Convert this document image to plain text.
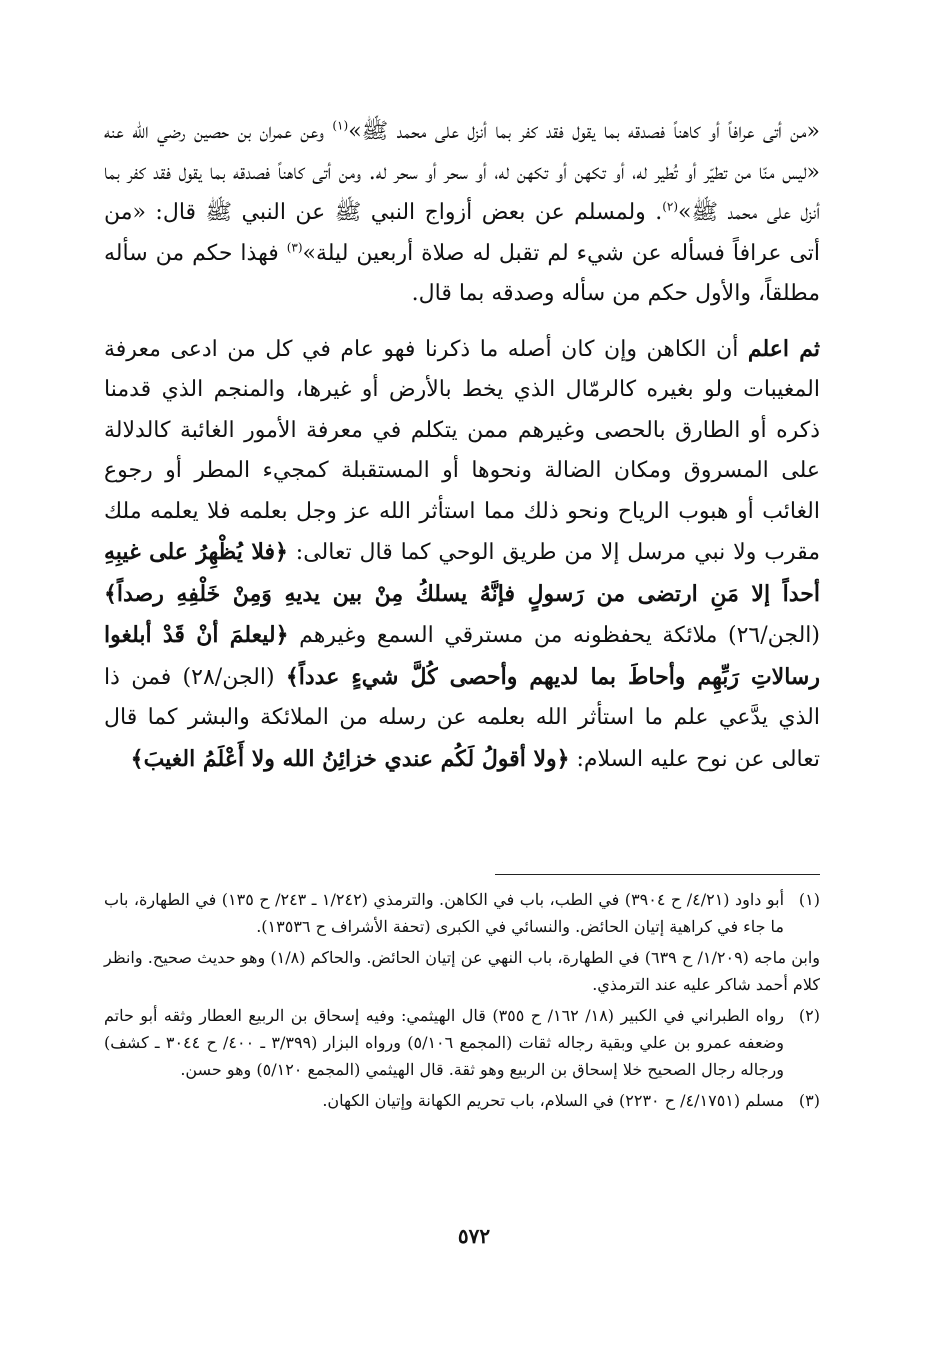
«من أتى عرافاً أو كاهناً فصدقه بما يقول فقد كفر بما أنزل على محمد ﷺ»$^{(١)}$ وعن عمران بن حصين رضي الله عنه «ليس منّا من تطيّر أو تُطير له، أو تكهن أو تكهن له، أو سحر أو سحر له. ومن أتى كاهناً فصدقه بما يقول فقد كفر بما أنزل على محمد ﷺ»$^{(٢)}$. ولمسلم عن بعض أزواج النبي ﷺ عن النبي ﷺ قال: «من أتى عرافاً فسأله عن شيء لم تقبل له صلاة أربعين ليلة»$^{(٣)}$ فهذا حكم من سأله مطلقاً، والأول حكم من سأله وصدقه بما قال.

ثم اعلم أن الكاهن وإن كان أصله ما ذكرنا فهو عام في كل من ادعى معرفة المغيبات ولو بغيره كالرمّال الذي يخط بالأرض أو غيرها، والمنجم الذي قدمنا ذكره أو الطارق بالحصى وغيرهم ممن يتكلم في معرفة الأمور الغائبة كالدلالة على المسروق ومكان الضالة ونحوها أو المستقبلة كمجيء المطر أو رجوع الغائب أو هبوب الرياح ونحو ذلك مما استأثر الله عز وجل بعلمه فلا يعلمه ملك مقرب ولا نبي مرسل إلا من طريق الوحي كما قال تعالى: ﴿فلا يُظْهِرُ على غيبِهِ أحداً إلا مَنِ ارتضى من رَسولٍ فإنَّهُ يسلكُ مِنْ بين يديهِ وَمِنْ خَلْفِهِ رصداً﴾ (الجن/٢٦) ملائكة يحفظونه من مسترقي السمع وغيرهم ﴿ليعلمَ أنْ قَدْ أبلغوا رسالاتِ رَبِّهِم وأحاطَ بما لديهم وأحصى كُلَّ شيءٍ عدداً﴾ (الجن/٢٨) فمن ذا الذي يدَّعي علم ما استأثر الله بعلمه عن رسله من الملائكة والبشر كما قال تعالى عن نوح عليه السلام: ﴿ولا أقولُ لَكُم عندي خزائِنُ الله ولا أَعْلَمُ الغيبَ﴾

(١)
أبو داود (٤/٢١/ ح ٣٩٠٤) في الطب، باب في الكاهن. والترمذي (١/٢٤٢ ـ ٢٤٣/ ح ١٣٥) في الطهارة، باب ما جاء في كراهية إتيان الحائض. والنسائي في الكبرى (تحفة الأشراف ح ١٣٥٣٦).

وابن ماجه (١/٢٠٩/ ح ٦٣٩) في الطهارة، باب النهي عن إتيان الحائض. والحاكم (١/٨) وهو حديث صحيح. وانظر كلام أحمد شاكر عليه عند الترمذي.

(٢)
رواه الطبراني في الكبير (١٨/ ١٦٢/ ح ٣٥٥) قال الهيثمي: وفيه إسحاق بن الربيع العطار وثقه أبو حاتم وضعفه عمرو بن علي وبقية رجاله ثقات (المجمع ٥/١٠٦) ورواه البزار (٣/٣٩٩ ـ ٤٠٠/ ح ٣٠٤٤ ـ كشف) ورجاله رجال الصحيح خلا إسحاق بن الربيع وهو ثقة. قال الهيثمي (المجمع ٥/١٢٠) وهو حسن.

(٣)
مسلم (٤/١٧٥١/ ح ٢٢٣٠) في السلام، باب تحريم الكهانة وإتيان الكهان.

٥٧٢
